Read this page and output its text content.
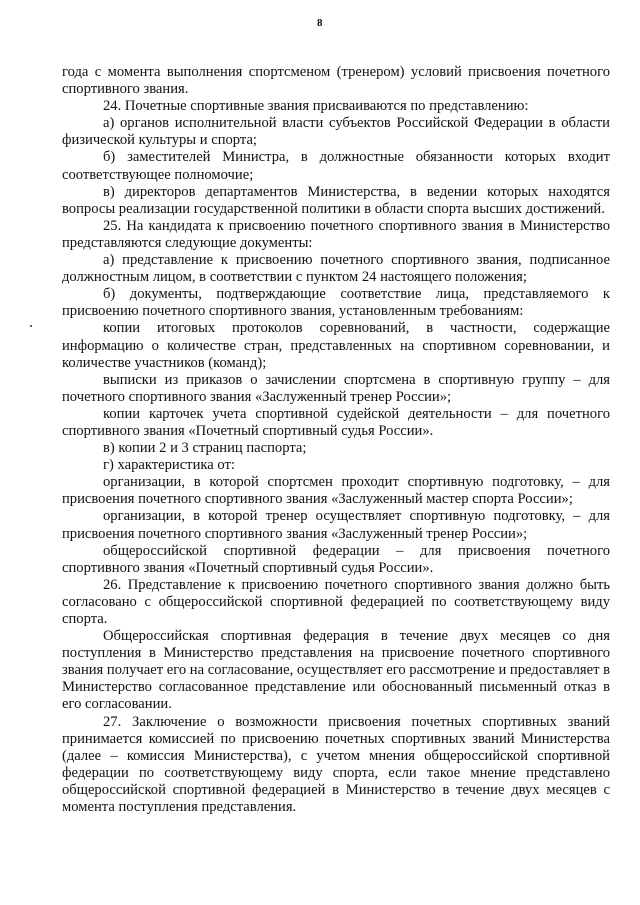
8

года с момента выполнения спортсменом (тренером) условий присвоения почетного спортивного звания.

24. Почетные спортивные звания присваиваются по представлению:

а) органов исполнительной власти субъектов Российской Федерации в области физической культуры и спорта;

б) заместителей Министра, в должностные обязанности которых входит соответствующее полномочие;

в) директоров департаментов Министерства, в ведении которых находятся вопросы реализации государственной политики в области спорта высших достижений.

25. На кандидата к присвоению почетного спортивного звания в Министерство представляются следующие документы:

а) представление к присвоению почетного спортивного звания, подписанное должностным лицом, в соответствии с пунктом 24 настоящего положения;

б) документы, подтверждающие соответствие лица, представляемого к присвоению почетного спортивного звания, установленным требованиям:

копии итоговых протоколов соревнований, в частности, содержащие информацию о количестве стран, представленных на спортивном соревновании, и количестве участников (команд);

выписки из приказов о зачислении спортсмена в спортивную группу – для почетного спортивного звания «Заслуженный тренер России»;

копии карточек учета спортивной судейской деятельности – для почетного спортивного звания «Почетный спортивный судья России».

в) копии 2 и 3 страниц паспорта;

г) характеристика от:

организации, в которой спортсмен проходит спортивную подготовку, – для присвоения почетного спортивного звания «Заслуженный мастер спорта России»;

организации, в которой тренер осуществляет спортивную подготовку, – для присвоения почетного спортивного звания «Заслуженный тренер России»;

общероссийской спортивной федерации – для присвоения почетного спортивного звания «Почетный спортивный судья России».

26. Представление к присвоению почетного спортивного звания должно быть согласовано с общероссийской спортивной федерацией по соответствующему виду спорта.

Общероссийская спортивная федерация в течение двух месяцев со дня поступления в Министерство представления на присвоение почетного спортивного звания получает его на согласование, осуществляет его рассмотрение и предоставляет в Министерство согласованное представление или обоснованный письменный отказ в его согласовании.

27. Заключение о возможности присвоения почетных спортивных званий принимается комиссией по присвоению почетных спортивных званий Министерства (далее – комиссия Министерства), с учетом мнения общероссийской спортивной федерации по соответствующему виду спорта, если такое мнение представлено общероссийской спортивной федерацией в Министерство в течение двух месяцев с момента поступления представления.
